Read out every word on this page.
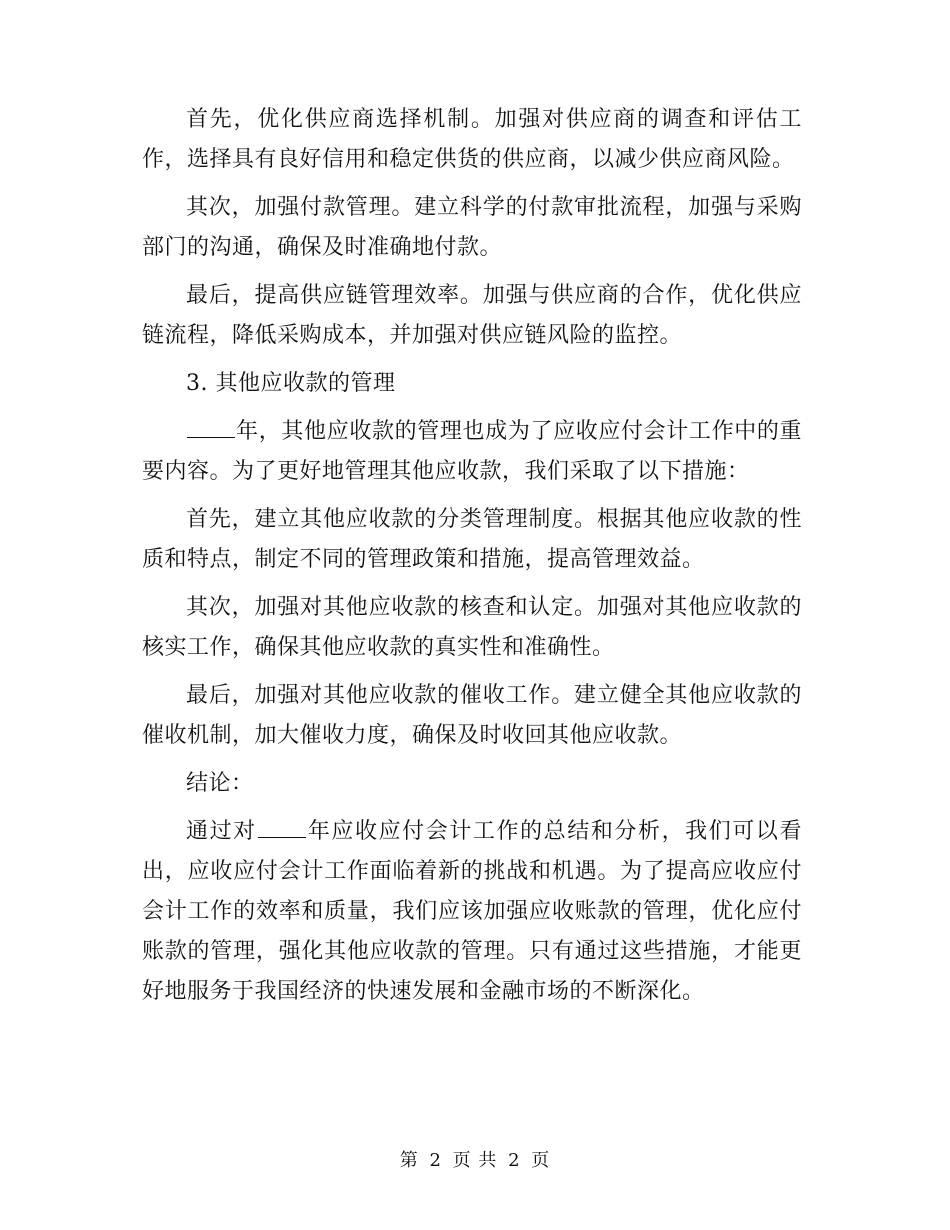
首先，优化供应商选择机制。加强对供应商的调查和评估工作，选择具有良好信用和稳定供货的供应商，以减少供应商风险。

其次，加强付款管理。建立科学的付款审批流程，加强与采购部门的沟通，确保及时准确地付款。

最后，提高供应链管理效率。加强与供应商的合作，优化供应链流程，降低采购成本，并加强对供应链风险的监控。

3. 其他应收款的管理

年，其他应收款的管理也成为了应收应付会计工作中的重要内容。为了更好地管理其他应收款，我们采取了以下措施：

首先，建立其他应收款的分类管理制度。根据其他应收款的性质和特点，制定不同的管理政策和措施，提高管理效益。

其次，加强对其他应收款的核查和认定。加强对其他应收款的核实工作，确保其他应收款的真实性和准确性。

最后，加强对其他应收款的催收工作。建立健全其他应收款的催收机制，加大催收力度，确保及时收回其他应收款。

结论：

通过对 年应收应付会计工作的总结和分析，我们可以看出，应收应付会计工作面临着新的挑战和机遇。为了提高应收应付会计工作的效率和质量，我们应该加强应收账款的管理，优化应付账款的管理，强化其他应收款的管理。只有通过这些措施，才能更好地服务于我国经济的快速发展和金融市场的不断深化。

第 2 页 共 2 页
